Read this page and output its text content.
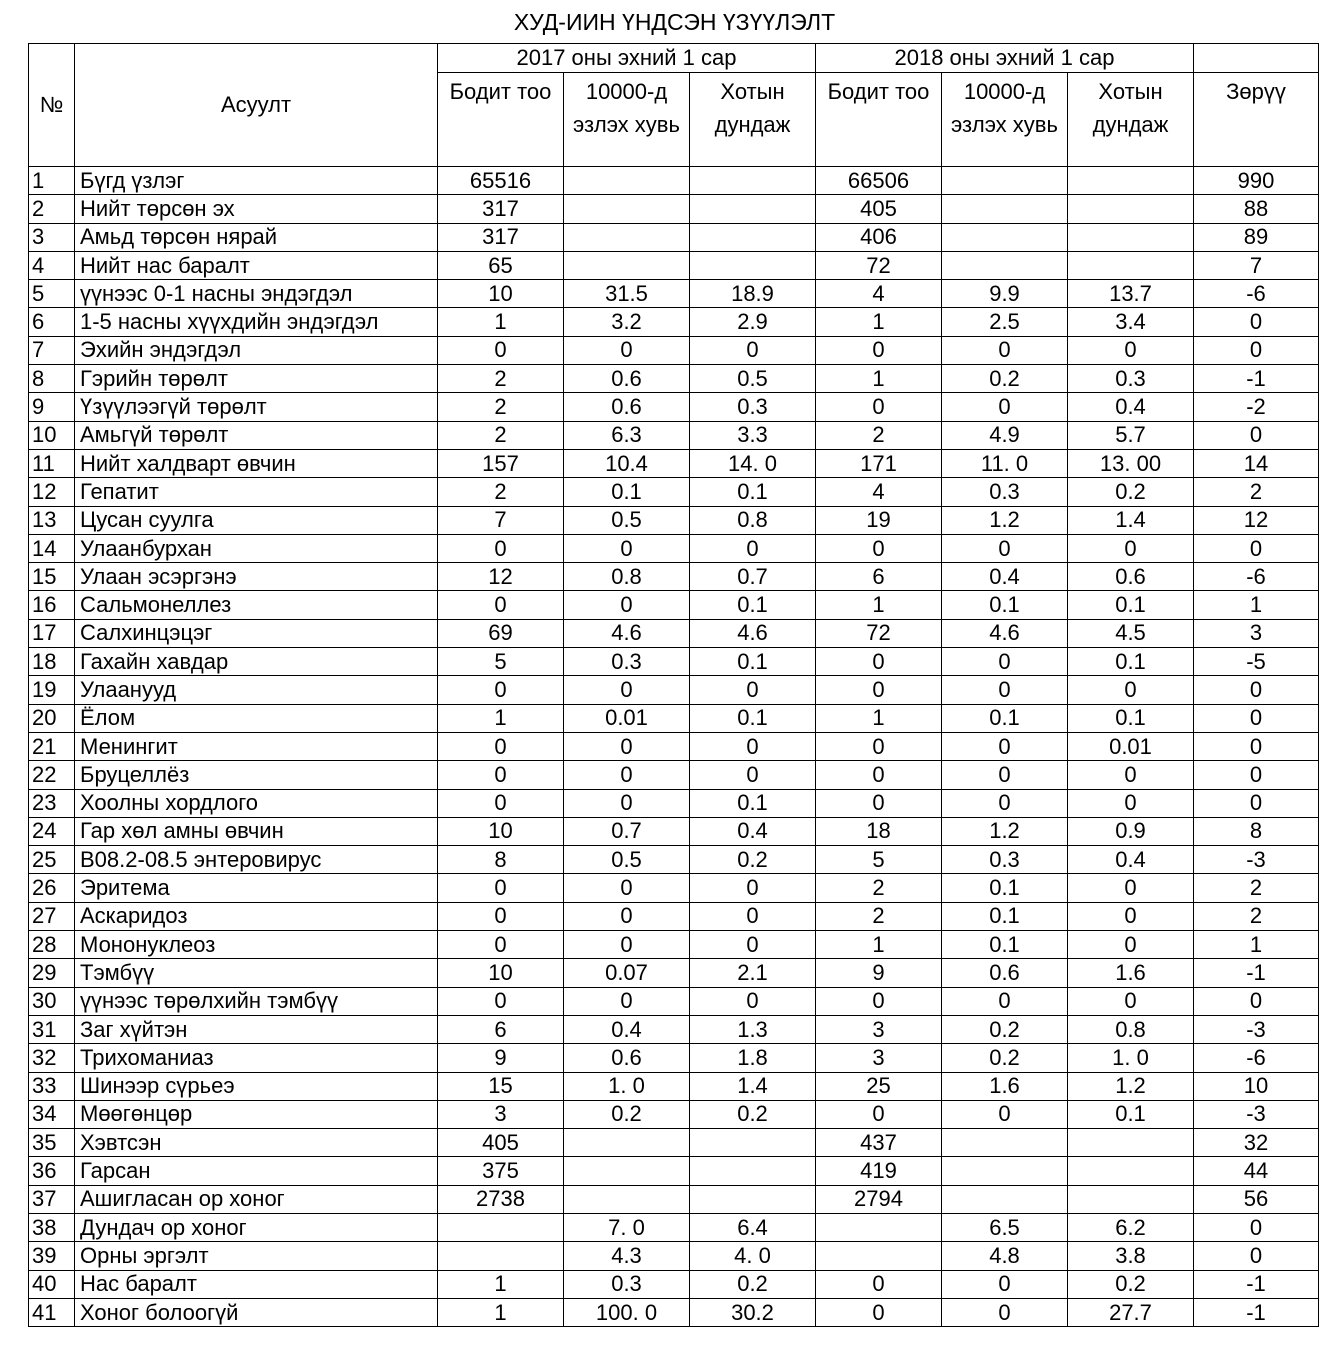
ХУД-ИИН ҮНДСЭН ҮЗҮҮЛЭЛТ
№	Асуулт	2017 оны эхний 1 сар			2018 оны эхний 1 сар			

		Бодит тоо	10000-д эзлэх хувь	Хотын дундаж	Бодит тоо	10000-д эзлэх хувь	Хотын дундаж	Зөрүү
1	Бүгд үзлэг	65516			66506			990
2	Нийт төрсөн эх	317			405			88
3	Амьд төрсөн нярай	317			406			89
4	Нийт нас баралт	65			72			7
5	үүнээс 0-1 насны эндэгдэл	10	31.5	18.9	4	9.9	13.7	-6
6	1-5 насны хүүхдийн эндэгдэл	1	3.2	2.9	1	2.5	3.4	0
7	Эхийн эндэгдэл	0	0	0	0	0	0	0
8	Гэрийн төрөлт	2	0.6	0.5	1	0.2	0.3	-1
9	Үзүүлээгүй төрөлт	2	0.6	0.3	0	0	0.4	-2
10	Амьгүй төрөлт	2	6.3	3.3	2	4.9	5.7	0
11	Нийт халдварт өвчин	157	10.4	14. 0	171	11. 0	13. 00	14
12	Гепатит	2	0.1	0.1	4	0.3	0.2	2
13	Цусан суулга	7	0.5	0.8	19	1.2	1.4	12
14	Улаанбурхан	0	0	0	0	0	0	0
15	Улаан эсэргэнэ	12	0.8	0.7	6	0.4	0.6	-6
16	Сальмонеллез	0	0	0.1	1	0.1	0.1	1
17	Салхинцэцэг	69	4.6	4.6	72	4.6	4.5	3
18	Гахайн хавдар	5	0.3	0.1	0	0	0.1	-5
19	Улаанууд	0	0	0	0	0	0	0
20	Ёлом	1	0.01	0.1	1	0.1	0.1	0
21	Менингит	0	0	0	0	0	0.01	0
22	Бруцеллёз	0	0	0	0	0	0	0
23	Хоолны хордлого	0	0	0.1	0	0	0	0
24	Гар хөл амны өвчин	10	0.7	0.4	18	1.2	0.9	8
25	B08.2-08.5 энтеровирус	8	0.5	0.2	5	0.3	0.4	-3
26	Эритема	0	0	0	2	0.1	0	2
27	Аскаридоз	0	0	0	2	0.1	0	2
28	Мононуклеоз	0	0	0	1	0.1	0	1
29	Тэмбүү	10	0.07	2.1	9	0.6	1.6	-1
30	үүнээс төрөлхийн тэмбүү	0	0	0	0	0	0	0
31	Заг хүйтэн	6	0.4	1.3	3	0.2	0.8	-3
32	Трихоманиаз	9	0.6	1.8	3	0.2	1. 0	-6
33	Шинээр сүрьеэ	15	1. 0	1.4	25	1.6	1.2	10
34	Мөөгөнцөр	3	0.2	0.2	0	0	0.1	-3
35	Хэвтсэн	405			437			32
36	Гарсан	375			419			44
37	Ашигласан ор хоног	2738			2794			56
38	Дундач ор хоног		7. 0	6.4		6.5	6.2	0
39	Орны эргэлт		4.3	4. 0		4.8	3.8	0
40	Нас баралт	1	0.3	0.2	0	0	0.2	-1
41	Хоног болоогүй	1	100. 0	30.2	0	0	27.7	-1
